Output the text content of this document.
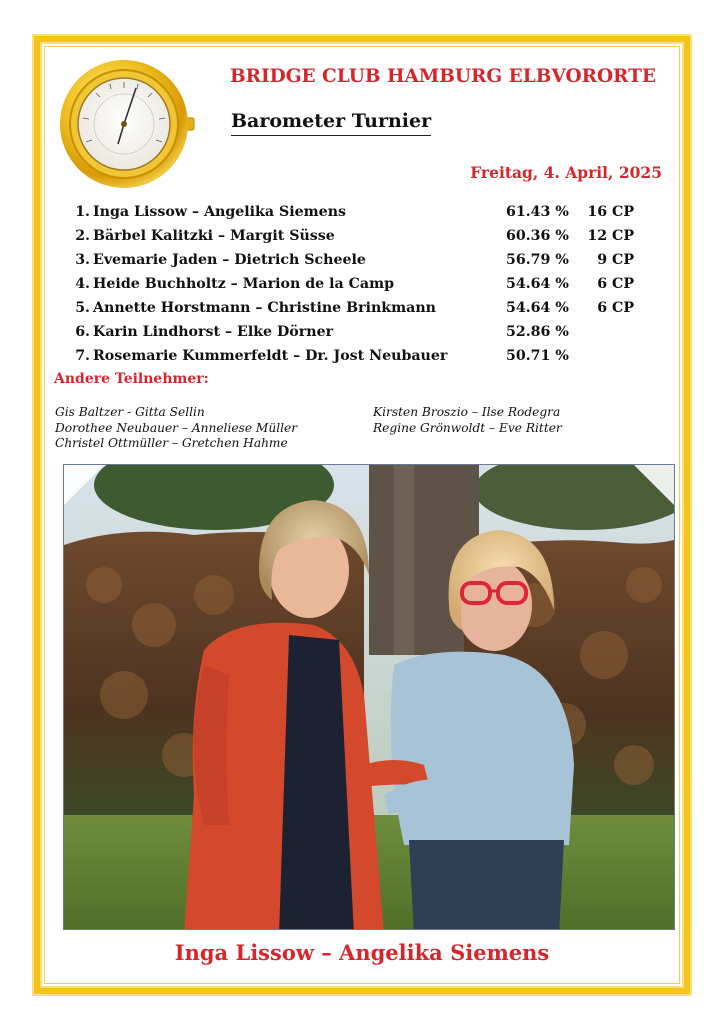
BRIDGE CLUB HAMBURG ELBVORORTE
Barometer Turnier
Freitag, 4. April, 2025
1. Inga Lissow – Angelika Siemens	61.43 % 16 CP
2. Bärbel Kalitzki – Margit Süsse	60.36 % 12 CP
3. Evemarie Jaden – Dietrich Scheele	56.79 %	9 CP
4. Heide Buchholtz – Marion de la Camp	54.64 %	6 CP
5. Annette Horstmann – Christine Brinkmann	54.64 %	6 CP
6. Karin Lindhorst – Elke Dörner	52.86 %
7. Rosemarie Kummerfeldt – Dr. Jost Neubauer	50.71 %
Andere Teilnehmer:
Gis Baltzer - Gitta Sellin
Dorothee Neubauer – Anneliese Müller
Christel Ottmüller – Gretchen Hahme
Kirsten Broszio – Ilse Rodegra
Regine Grönwoldt – Eve Ritter
Inga Lissow – Angelika Siemens
